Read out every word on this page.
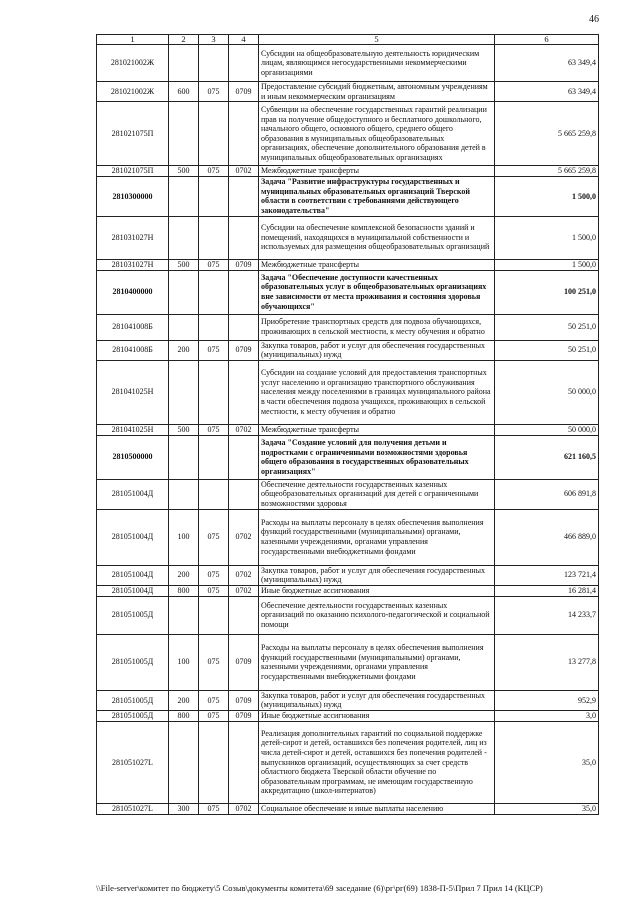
46
1	2	3	4	5	6
281021002Ж				Субсидии на общеобразовательную деятельность юридическим лицам, являющимся негосударственными некоммерческими организациями	63 349,4
281021002Ж	600	075	0709	Предоставление субсидий бюджетным, автономным учреждениям и иным некоммерческим организациям	63 349,4
281021075П				Субвенции на обеспечение государственных гарантий реализации прав на получение общедоступного и бесплатного дошкольного, начального общего, основного общего, среднего общего образования в муниципальных общеобразовательных организациях, обеспечение дополнительного образования детей в муниципальных общеобразовательных организациях	5 665 259,8
281021075П	500	075	0702	Межбюджетные трансферты	5 665 259,8
2810300000				Задача "Развитие инфраструктуры государственных и муниципальных образовательных организаций Тверской области в соответствии с требованиями действующего законодательства"	1 500,0
281031027Н				Субсидии на обеспечение комплексной безопасности зданий и помещений, находящихся в муниципальной собственности и используемых для размещения общеобразовательных организаций	1 500,0
281031027Н	500	075	0709	Межбюджетные трансферты	1 500,0
2810400000				Задача "Обеспечение доступности качественных образовательных услуг в общеобразовательных организациях вне зависимости от места проживания и состояния здоровья обучающихся"	100 251,0
281041008Б				Приобретение транспортных средств для подвоза обучающихся, проживающих в сельской местности, к месту обучения и обратно	50 251,0
281041008Б	200	075	0709	Закупка товаров, работ и услуг для обеспечения государственных (муниципальных) нужд	50 251,0
281041025Н				Субсидии на создание условий для предоставления транспортных услуг населению и организацию транспортного обслуживания населения между поселениями в границах муниципального района в части обеспечения подвоза учащихся, проживающих в сельской местности, к месту обучения и обратно	50 000,0
281041025Н	500	075	0702	Межбюджетные трансферты	50 000,0
2810500000				Задача "Создание условий для получения детьми и подростками с ограниченными возможностями здоровья общего образования в государственных образовательных организациях"	621 160,5
281051004Д				Обеспечение деятельности государственных казенных общеобразовательных организаций для детей с ограниченными возможностями здоровья	606 891,8
281051004Д	100	075	0702	Расходы на выплаты персоналу в целях обеспечения выполнения функций государственными (муниципальными) органами, казенными учреждениями, органами управления государственными внебюджетными фондами	466 889,0
281051004Д	200	075	0702	Закупка товаров, работ и услуг для обеспечения государственных (муниципальных) нужд	123 721,4
281051004Д	800	075	0702	Иные бюджетные ассигнования	16 281,4
281051005Д				Обеспечение деятельности государственных казенных организаций по оказанию психолого-педагогической и социальной помощи	14 233,7
281051005Д	100	075	0709	Расходы на выплаты персоналу в целях обеспечения выполнения функций государственными (муниципальными) органами, казенными учреждениями, органами управления государственными внебюджетными фондами	13 277,8
281051005Д	200	075	0709	Закупка товаров, работ и услуг для обеспечения государственных (муниципальных) нужд	952,9
281051005Д	800	075	0709	Иные бюджетные ассигнования	3,0
281051027L				Реализация дополнительных гарантий по социальной поддержке детей-сирот и детей, оставшихся без попечения родителей, лиц из числа детей-сирот и детей, оставшихся без попечения родителей - выпускников организаций, осуществляющих за счет средств областного бюджета Тверской области обучение по образовательным программам, не имеющим государственную аккредитацию (школ-интернатов)	35,0
281051027L	300	075	0702	Социальное обеспечение и иные выплаты населению	35,0
\\File-server\комитет по бюджету\5 Созыв\документы комитета\69 заседание (6)\рг\рг(69) 1838-П-5\Прил 7 Прил 14 (КЦСР)
